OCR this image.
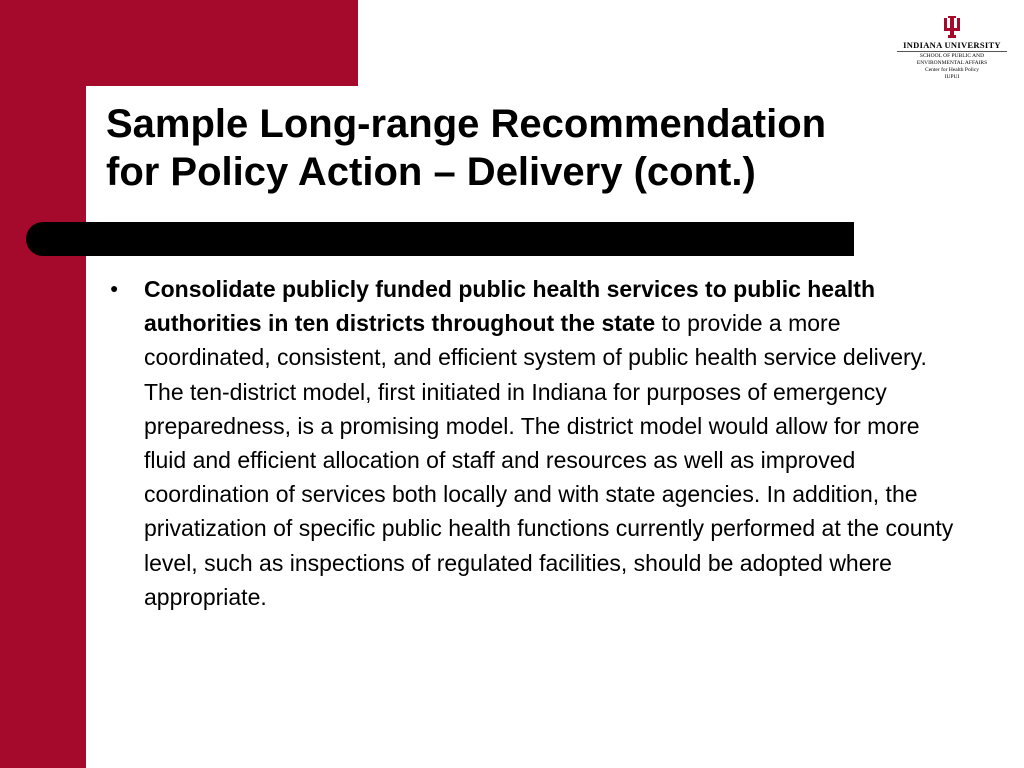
INDIANA UNIVERSITY
SCHOOL OF PUBLIC AND
ENVIRONMENTAL AFFAIRS
Center for Health Policy
IUPUI
Sample Long-range Recommendation
for Policy Action – Delivery (cont.)
● Consolidate publicly funded public health services to public health authorities in ten districts throughout the state to provide a more coordinated, consistent, and efficient system of public health service delivery. The ten-district model, first initiated in Indiana for purposes of emergency preparedness, is a promising model. The district model would allow for more fluid and efficient allocation of staff and resources as well as improved coordination of services both locally and with state agencies. In addition, the privatization of specific public health functions currently performed at the county level, such as inspections of regulated facilities, should be adopted where appropriate.
